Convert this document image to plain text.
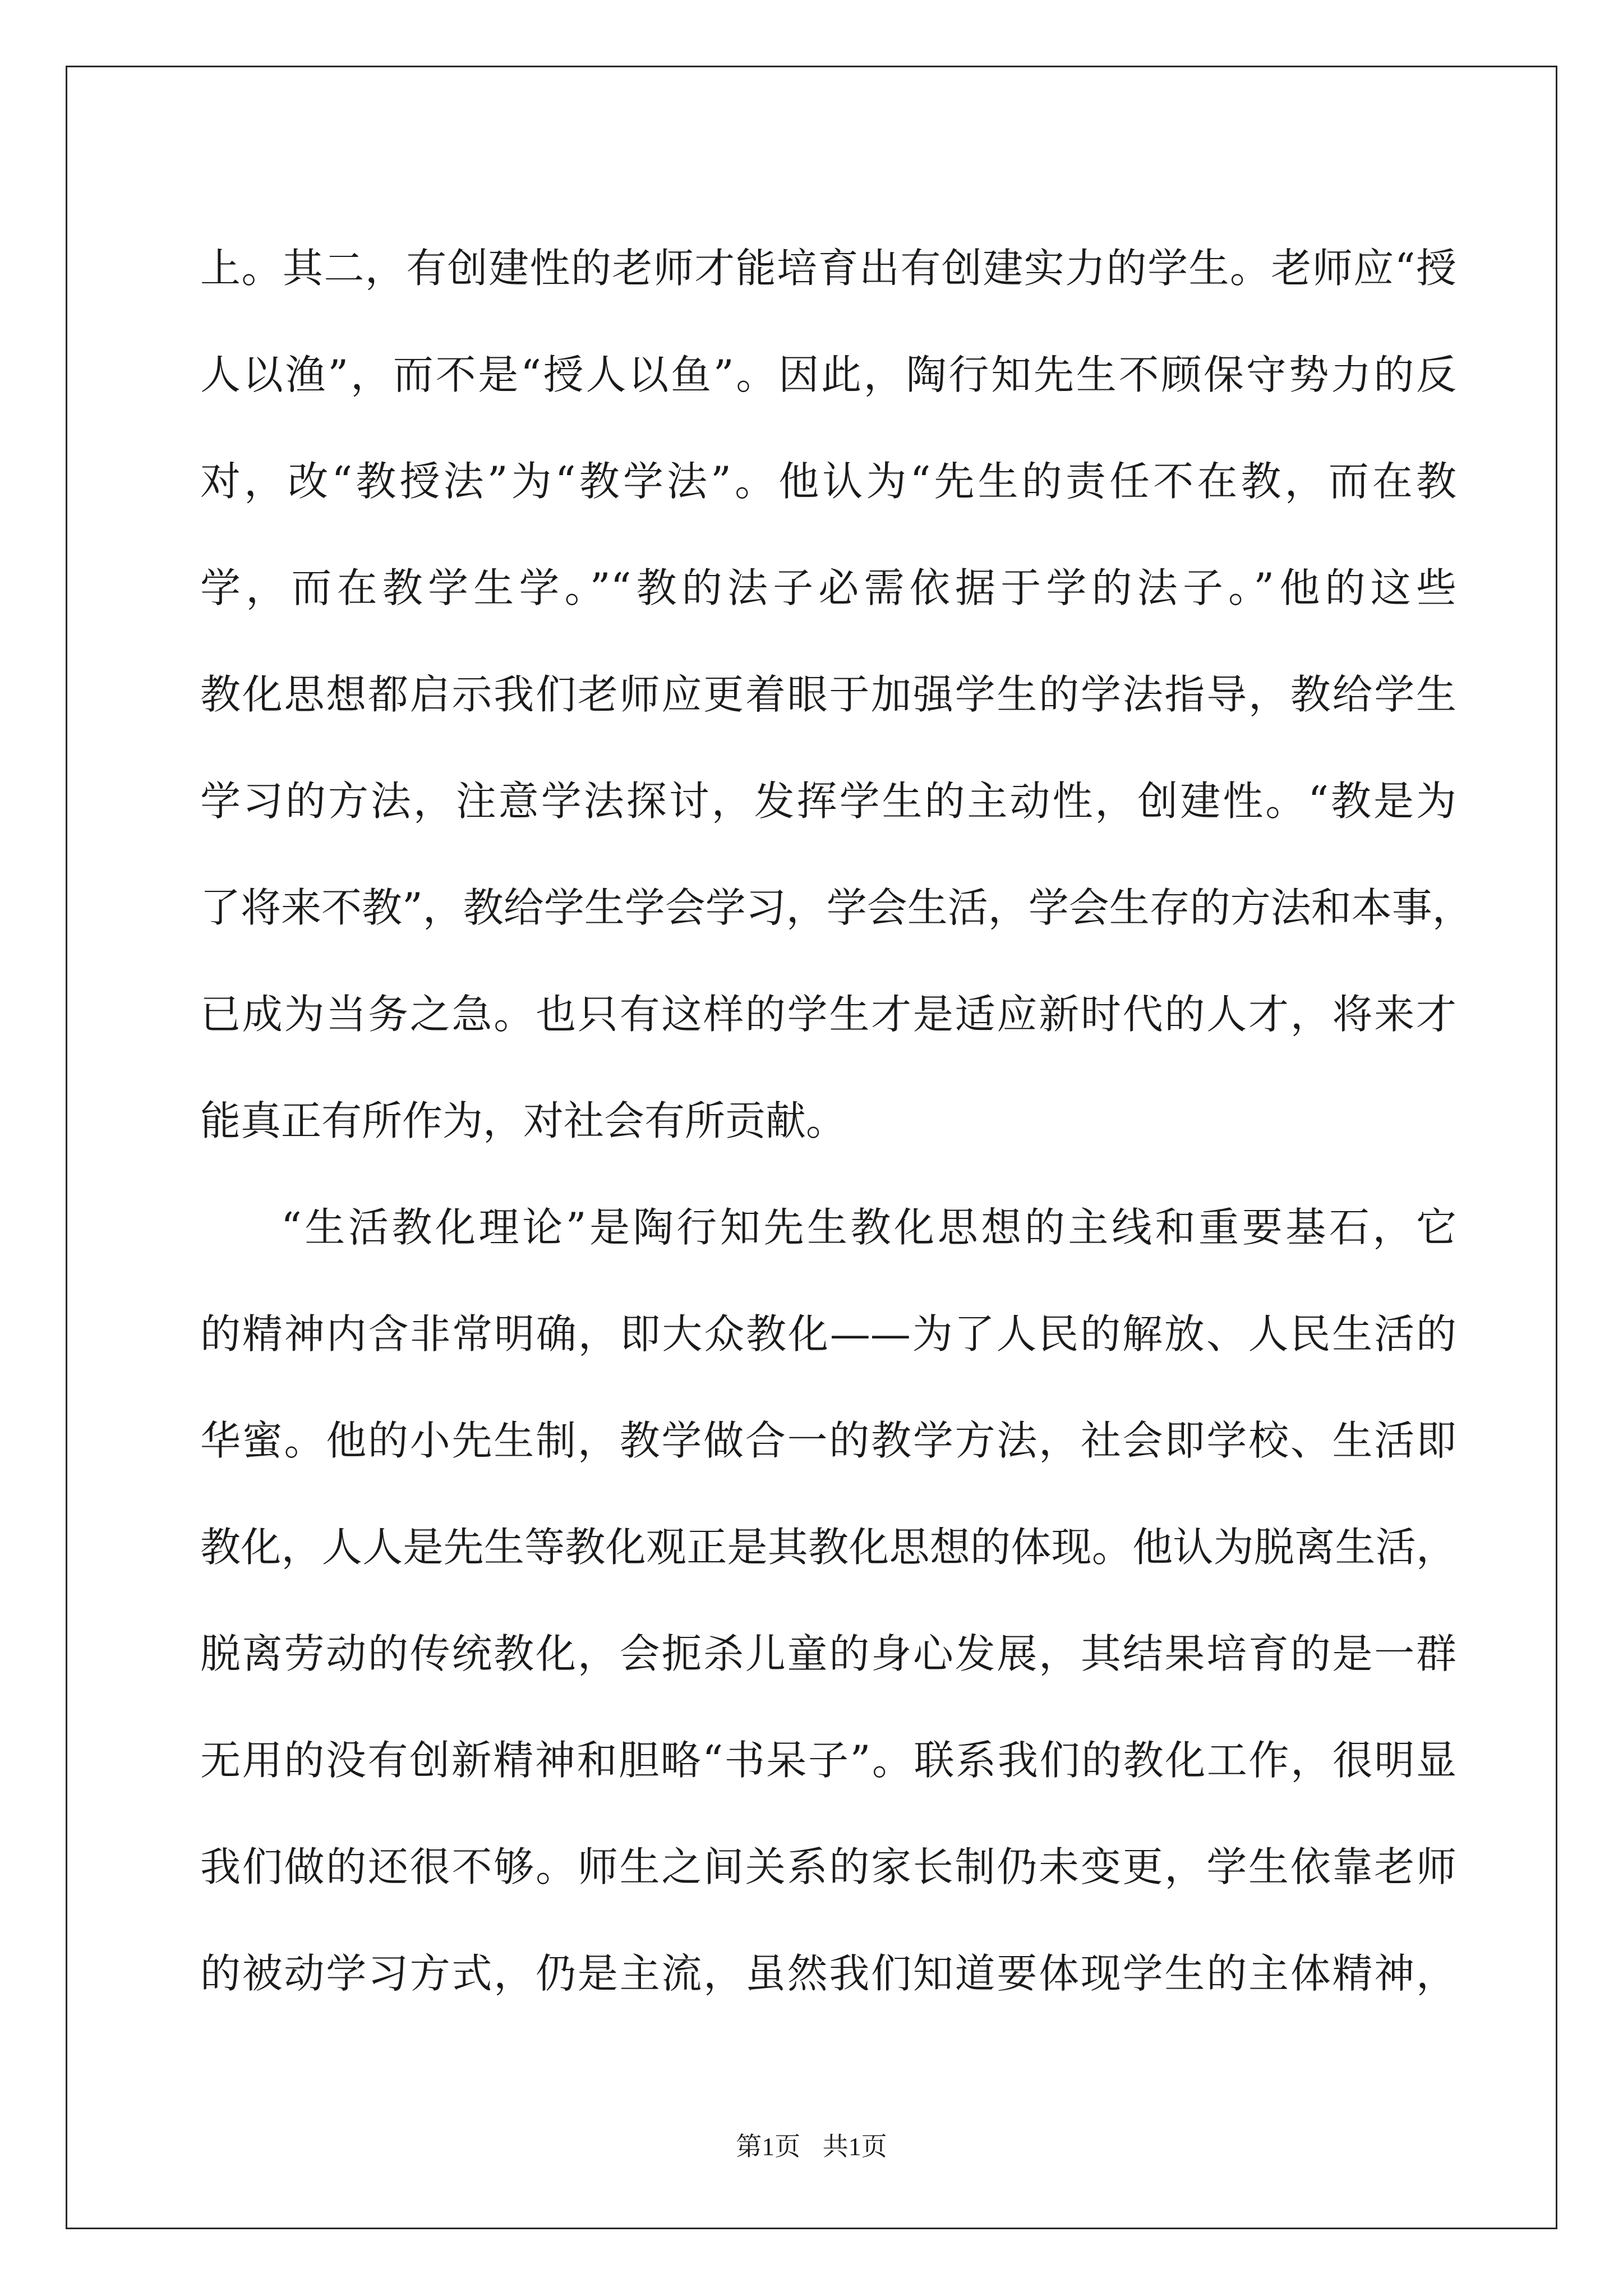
上。其二，有创建性的老师才能培育出有创建实力的学生。老师应“授
人以渔”，而不是“授人以鱼”。因此，陶行知先生不顾保守势力的反
对，改“教授法”为“教学法”。他认为“先生的责任不在教，而在教
学，而在教学生学。”“教的法子必需依据于学的法子。”他的这些
教化思想都启示我们老师应更着眼于加强学生的学法指导，教给学生
学习的方法，注意学法探讨，发挥学生的主动性，创建性。“教是为
了将来不教”，教给学生学会学习，学会生活，学会生存的方法和本事，
已成为当务之急。也只有这样的学生才是适应新时代的人才，将来才
能真正有所作为，对社会有所贡献。
“生活教化理论”是陶行知先生教化思想的主线和重要基石，它
的精神内含非常明确，即大众教化——为了人民的解放、人民生活的
华蜜。他的小先生制，教学做合一的教学方法，社会即学校、生活即
教化，人人是先生等教化观正是其教化思想的体现。他认为脱离生活，
脱离劳动的传统教化，会扼杀儿童的身心发展，其结果培育的是一群
无用的没有创新精神和胆略“书呆子”。联系我们的教化工作，很明显
我们做的还很不够。师生之间关系的家长制仍未变更，学生依靠老师
的被动学习方式，仍是主流，虽然我们知道要体现学生的主体精神，
第1页 共1页
